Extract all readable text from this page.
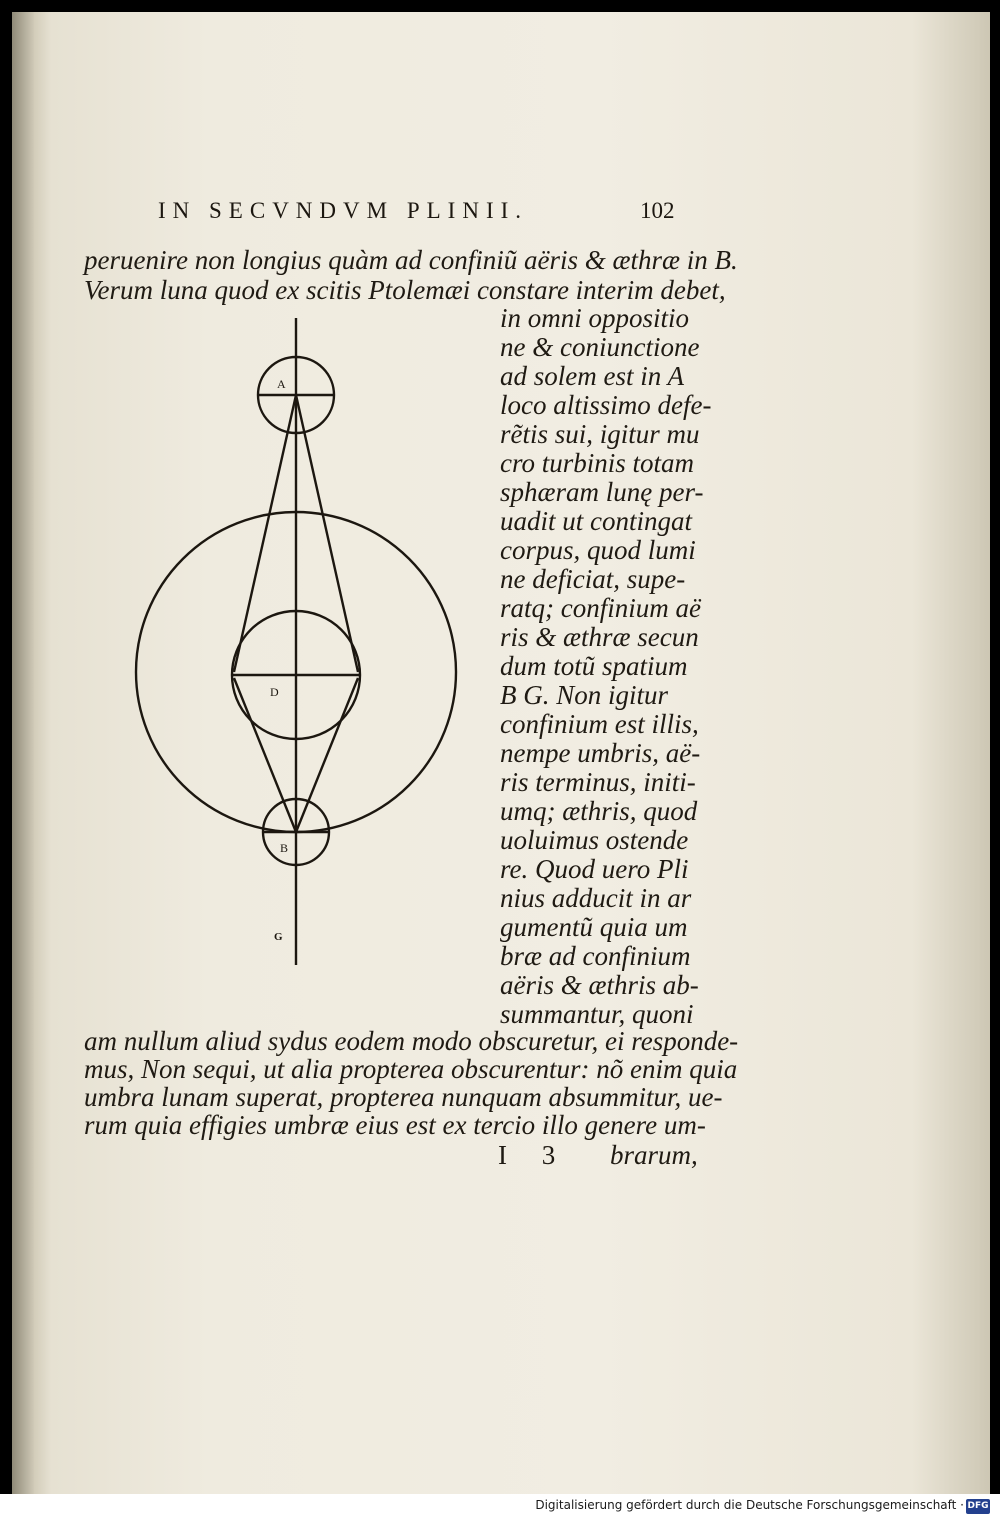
IN SECVNDVM PLINII.	102
peruenire non longius quàm ad confiniũ aëris & æthræ in B.
Verum luna quod ex scitis Ptolemæi constare interim debet,
in omni oppositio
ne & coniunctione
ad solem est in A
loco altissimo defe-
rẽtis sui, igitur mu
cro turbinis totam
sphæram lunę per-
uadit ut contingat
corpus, quod lumi
ne deficiat, supe-
ratq; confinium aë
ris & æthræ secun
dum totũ spatium
B G. Non igitur
confinium est illis,
nempe umbris, aë-
ris terminus, initi-
umq; æthris, quod
uoluimus ostende
re. Quod uero Pli
nius adducit in ar
gumentũ quia um
bræ ad confinium
aëris & æthris ab-
summantur, quoni
am nullum aliud sydus eodem modo obscuretur, ei responde-
mus, Non sequi, ut alia propterea obscurentur: nõ enim quia
umbra lunam superat, propterea nunquam absummitur, ue-
rum quia effigies umbræ eius est ex tercio illo genere um-
I 3 brarum,
A
D
B
G
Digitalisierung gefördert durch die Deutsche Forschungsgemeinschaft · DFG
